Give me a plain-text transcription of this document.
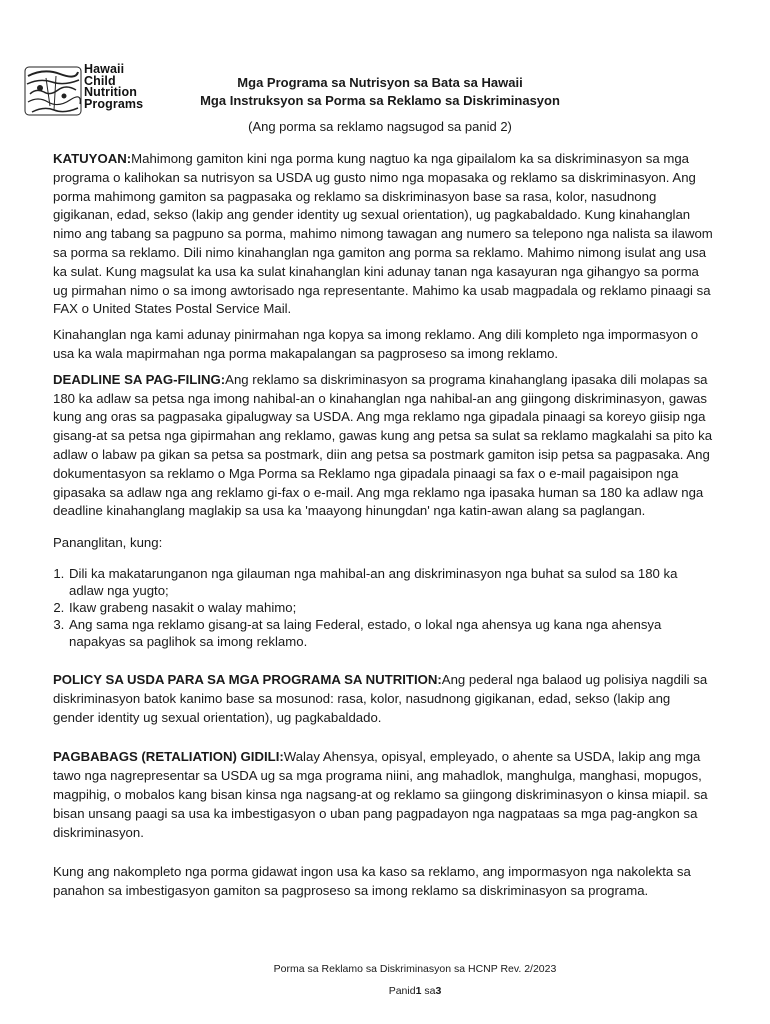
Hawaii
Child
Nutrition
Programs
Mga Programa sa Nutrisyon sa Bata sa Hawaii
Mga Instruksyon sa Porma sa Reklamo sa Diskriminasyon
(Ang porma sa reklamo nagsugod sa panid 2)

KATUYOAN:Mahimong gamiton kini nga porma kung nagtuo ka nga gipailalom ka sa diskriminasyon sa mga programa o kalihokan sa nutrisyon sa USDA ug gusto nimo nga mopasaka og reklamo sa diskriminasyon. Ang porma mahimong gamiton sa pagpasaka og reklamo sa diskriminasyon base sa rasa, kolor, nasudnong gigikanan, edad, sekso (lakip ang gender identity ug sexual orientation), ug pagkabaldado. Kung kinahanglan nimo ang tabang sa pagpuno sa porma, mahimo nimong tawagan ang numero sa telepono nga nalista sa ilawom sa porma sa reklamo. Dili nimo kinahanglan nga gamiton ang porma sa reklamo. Mahimo nimong isulat ang usa ka sulat. Kung magsulat ka usa ka sulat kinahanglan kini adunay tanan nga kasayuran nga gihangyo sa porma ug pirmahan nimo o sa imong awtorisado nga representante. Mahimo ka usab magpadala og reklamo pinaagi sa FAX o United States Postal Service Mail.

Kinahanglan nga kami adunay pinirmahan nga kopya sa imong reklamo. Ang dili kompleto nga impormasyon o usa ka wala mapirmahan nga porma makapalangan sa pagproseso sa imong reklamo.

DEADLINE SA PAG-FILING:Ang reklamo sa diskriminasyon sa programa kinahanglang ipasaka dili molapas sa 180 ka adlaw sa petsa nga imong nahibal-an o kinahanglan nga nahibal-an ang giingong diskriminasyon, gawas kung ang oras sa pagpasaka gipalugway sa USDA. Ang mga reklamo nga gipadala pinaagi sa koreyo giisip nga gisang-at sa petsa nga gipirmahan ang reklamo, gawas kung ang petsa sa sulat sa reklamo magkalahi sa pito ka adlaw o labaw pa gikan sa petsa sa postmark, diin ang petsa sa postmark gamiton isip petsa sa pagpasaka. Ang dokumentasyon sa reklamo o Mga Porma sa Reklamo nga gipadala pinaagi sa fax o e-mail pagaisipon nga gipasaka sa adlaw nga ang reklamo gi-fax o e-mail. Ang mga reklamo nga ipasaka human sa 180 ka adlaw nga deadline kinahanglang maglakip sa usa ka 'maayong hinungdan' nga katin-awan alang sa paglangan.

Pananglitan, kung:

1. Dili ka makatarunganon nga gilauman nga mahibal-an ang diskriminasyon nga buhat sa sulod sa 180 ka adlaw nga yugto;
2. Ikaw grabeng nasakit o walay mahimo;
3. Ang sama nga reklamo gisang-at sa laing Federal, estado, o lokal nga ahensya ug kana nga ahensya napakyas sa paglihok sa imong reklamo.

POLICY SA USDA PARA SA MGA PROGRAMA SA NUTRITION:Ang pederal nga balaod ug polisiya nagdili sa diskriminasyon batok kanimo base sa mosunod: rasa, kolor, nasudnong gigikanan, edad, sekso (lakip ang gender identity ug sexual orientation), ug pagkabaldado.

PAGBABAGS (RETALIATION) GIDILI:Walay Ahensya, opisyal, empleyado, o ahente sa USDA, lakip ang mga tawo nga nagrepresentar sa USDA ug sa mga programa niini, ang mahadlok, manghulga, manghasi, mopugos, magpihig, o mobalos kang bisan kinsa nga nagsang-at og reklamo sa giingong diskriminasyon o kinsa miapil. sa bisan unsang paagi sa usa ka imbestigasyon o uban pang pagpadayon nga nagpataas sa mga pag-angkon sa diskriminasyon.

Kung ang nakompleto nga porma gidawat ingon usa ka kaso sa reklamo, ang impormasyon nga nakolekta sa panahon sa imbestigasyon gamiton sa pagproseso sa imong reklamo sa diskriminasyon sa programa.

Porma sa Reklamo sa Diskriminasyon sa HCNP Rev. 2/2023
Panid1 sa3
